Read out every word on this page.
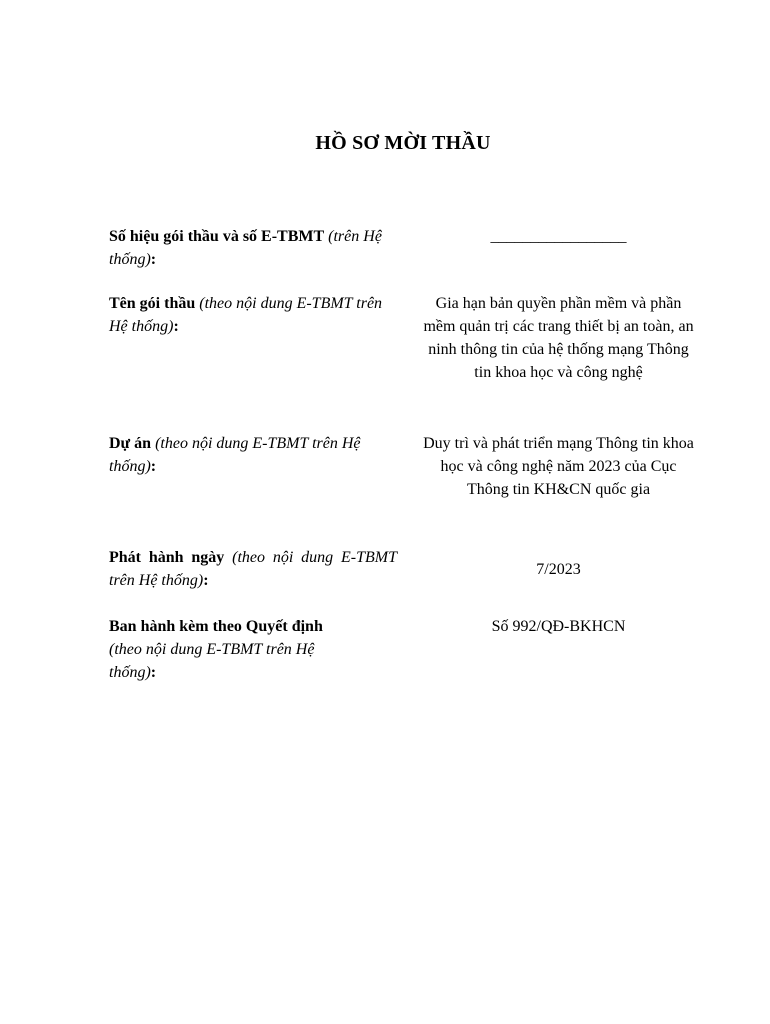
HỒ SƠ MỜI THẦU
Số hiệu gói thầu và số E-TBMT (trên Hệ thống):
_________________
Tên gói thầu (theo nội dung E-TBMT trên Hệ thống):
Gia hạn bản quyền phần mềm và phần mềm quản trị các trang thiết bị an toàn, an ninh thông tin của hệ thống mạng Thông tin khoa học và công nghệ
Dự án (theo nội dung E-TBMT trên Hệ thống):
Duy trì và phát triển mạng Thông tin khoa học và công nghệ năm 2023 của Cục Thông tin KH&CN quốc gia
Phát hành ngày (theo nội dung E-TBMT trên Hệ thống):
7/2023
Ban hành kèm theo Quyết định (theo nội dung E-TBMT trên Hệ thống):
Số 992/QĐ-BKHCN
